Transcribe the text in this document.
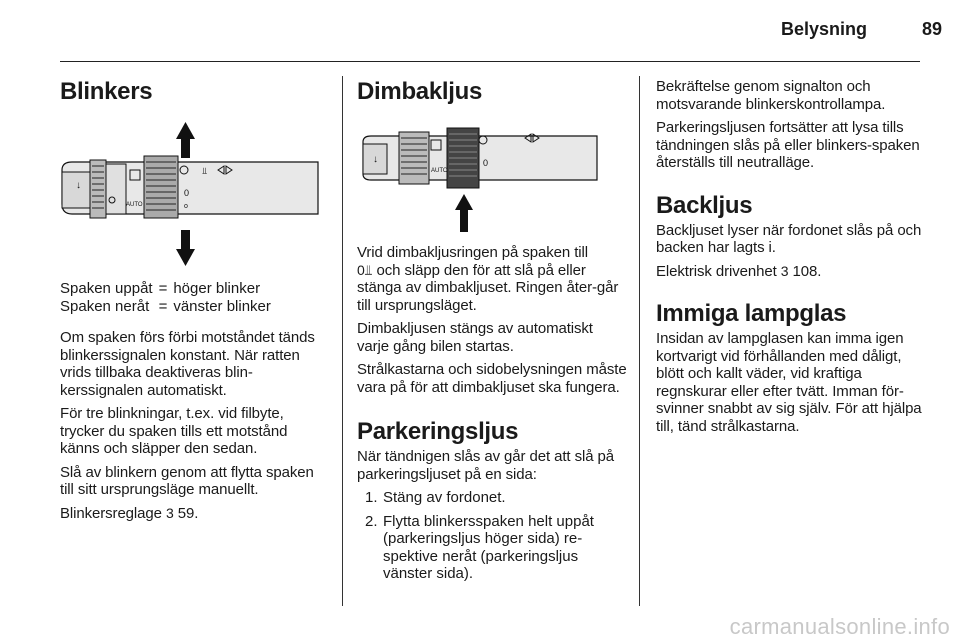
Belysning	89
Blinkers
AUTO
0
o
⫫
↓
Spaken uppåt	=	höger blinker
Spaken neråt	=	vänster blinker

Om spaken förs förbi motståndet tänds blinkerssignalen konstant. När ratten vrids tillbaka deaktiveras blin-kerssignalen automatiskt.

För tre blinkningar, t.ex. vid filbyte, trycker du spaken tills ett motstånd känns och släpper den sedan.

Slå av blinkern genom att flytta spaken till sitt ursprungsläge manuellt.

Blinkersreglage 3 59.

Dimbakljus
AUTO
0
↓

Vrid dimbakljusringen på spaken till
0⫫ och släpp den för att slå på eller stänga av dimbakljuset. Ringen åter-går till ursprungsläget.

Dimbakljusen stängs av automatiskt varje gång bilen startas.

Strålkastarna och sidobelysningen måste vara på för att dimbakljuset ska fungera.

Parkeringsljus

När tändnigen slås av går det att slå på parkeringsljuset på en sida:

1. Stäng av fordonet.
2. Flytta blinkersspaken helt uppåt (parkeringsljus höger sida) re-spektive neråt (parkeringsljus vänster sida).

Bekräftelse genom signalton och motsvarande blinkerskontrollampa.

Parkeringsljusen fortsätter att lysa tills tändningen slås på eller blinkers-spaken återställs till neutralläge.

Backljus

Backljuset lyser när fordonet slås på och backen har lagts i.

Elektrisk drivenhet 3 108.

Immiga lampglas

Insidan av lampglasen kan imma igen kortvarigt vid förhållanden med dåligt, blött och kallt väder, vid kraftiga regnskurar eller efter tvätt. Imman för-svinner snabbt av sig själv. För att hjälpa till, tänd strålkastarna.

carmanualsonline.info
